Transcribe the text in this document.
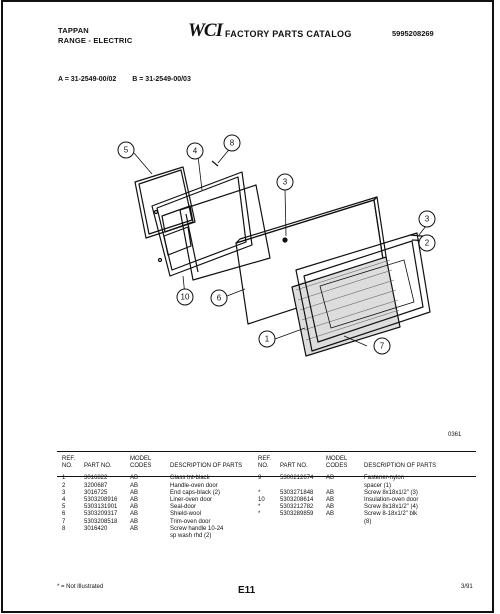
TAPPAN
RANGE - ELECTRIC	WCI FACTORY PARTS CATALOG	5995208269
A = 31-2549-00/02 B = 31-2549-00/03
5	4
8
3
3
2
6
10
1
7
0361
REF. NO.	PART NO.	MODEL CODES	DESCRIPTION OF PARTS

1	3016822	AB	Glass tnt-black
2	3200687	AB	Handle-oven door
3	3016725	AB	End caps-black (2)
4	5303208916	AB	Liner-oven door
5	5303131901	AB	Seal-door
6	5303209317	AB	Shield-wool
7	5303208518	AB	Trim-oven door
8	3016420	AB	Screw handle 10-24
			sp wash rhd (2)
REF. NO.	PART NO.	MODEL CODES	DESCRIPTION OF PARTS

9	5300212674	AB	Fastener-nylon
			spacer (1)
*	5303271848	AB	Screw 8x18x1/2" (3)
10	5303208614	AB	Insulation-oven door
*	5303212782	AB	Screw 8x18x1/2" (4)
*	5303289859	AB	Screw 8-18x1/2" blk
			(8)
* = Not Illustrated	E11	3/91
